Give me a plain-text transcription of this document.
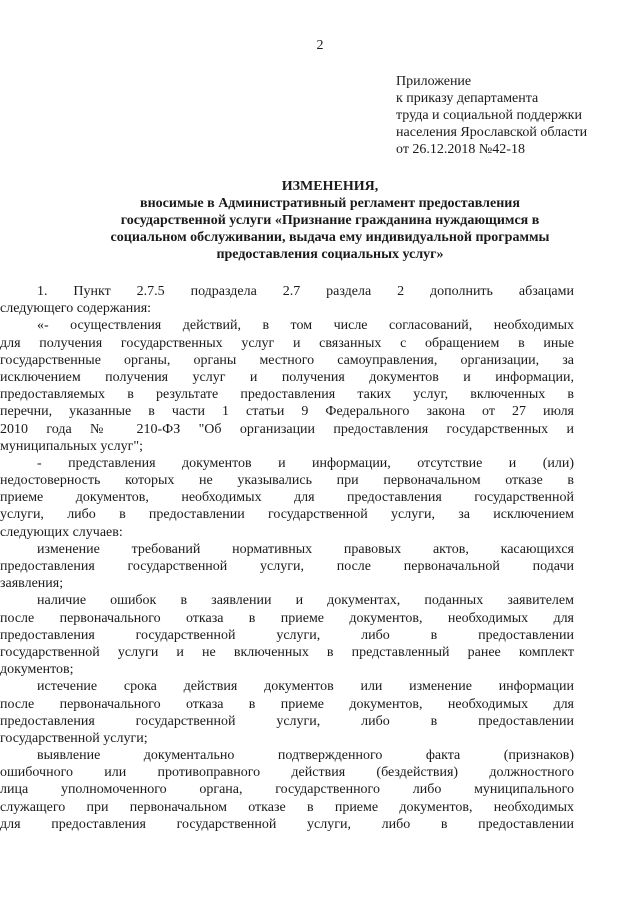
2
Приложение
к приказу департамента
труда и социальной поддержки
населения Ярославской области
от 26.12.2018 №42-18
ИЗМЕНЕНИЯ,
вносимые в Административный регламент предоставления
государственной услуги «Признание гражданина нуждающимся в
социальном обслуживании, выдача ему индивидуальной программы
предоставления социальных услуг»
1. Пункт 2.7.5 подраздела 2.7 раздела 2 дополнить абзацами
следующего содержания:
«- осуществления действий, в том числе согласований, необходимых
для получения государственных услуг и связанных с обращением в иные
государственные органы, органы местного самоуправления, организации, за
исключением получения услуг и получения документов и информации,
предоставляемых в результате предоставления таких услуг, включенных в
перечни, указанные в части 1 статьи 9 Федерального закона от 27 июля
2010 года № 210-ФЗ "Об организации предоставления государственных и
муниципальных услуг";
- представления документов и информации, отсутствие и (или)
недостоверность которых не указывались при первоначальном отказе в
приеме документов, необходимых для предоставления государственной
услуги, либо в предоставлении государственной услуги, за исключением
следующих случаев:
изменение требований нормативных правовых актов, касающихся
предоставления государственной услуги, после первоначальной подачи
заявления;
наличие ошибок в заявлении и документах, поданных заявителем
после первоначального отказа в приеме документов, необходимых для
предоставления государственной услуги, либо в предоставлении
государственной услуги и не включенных в представленный ранее комплект
документов;
истечение срока действия документов или изменение информации
после первоначального отказа в приеме документов, необходимых для
предоставления государственной услуги, либо в предоставлении
государственной услуги;
выявление документально подтвержденного факта (признаков)
ошибочного или противоправного действия (бездействия) должностного
лица уполномоченного органа, государственного либо муниципального
служащего при первоначальном отказе в приеме документов, необходимых
для предоставления государственной услуги, либо в предоставлении
